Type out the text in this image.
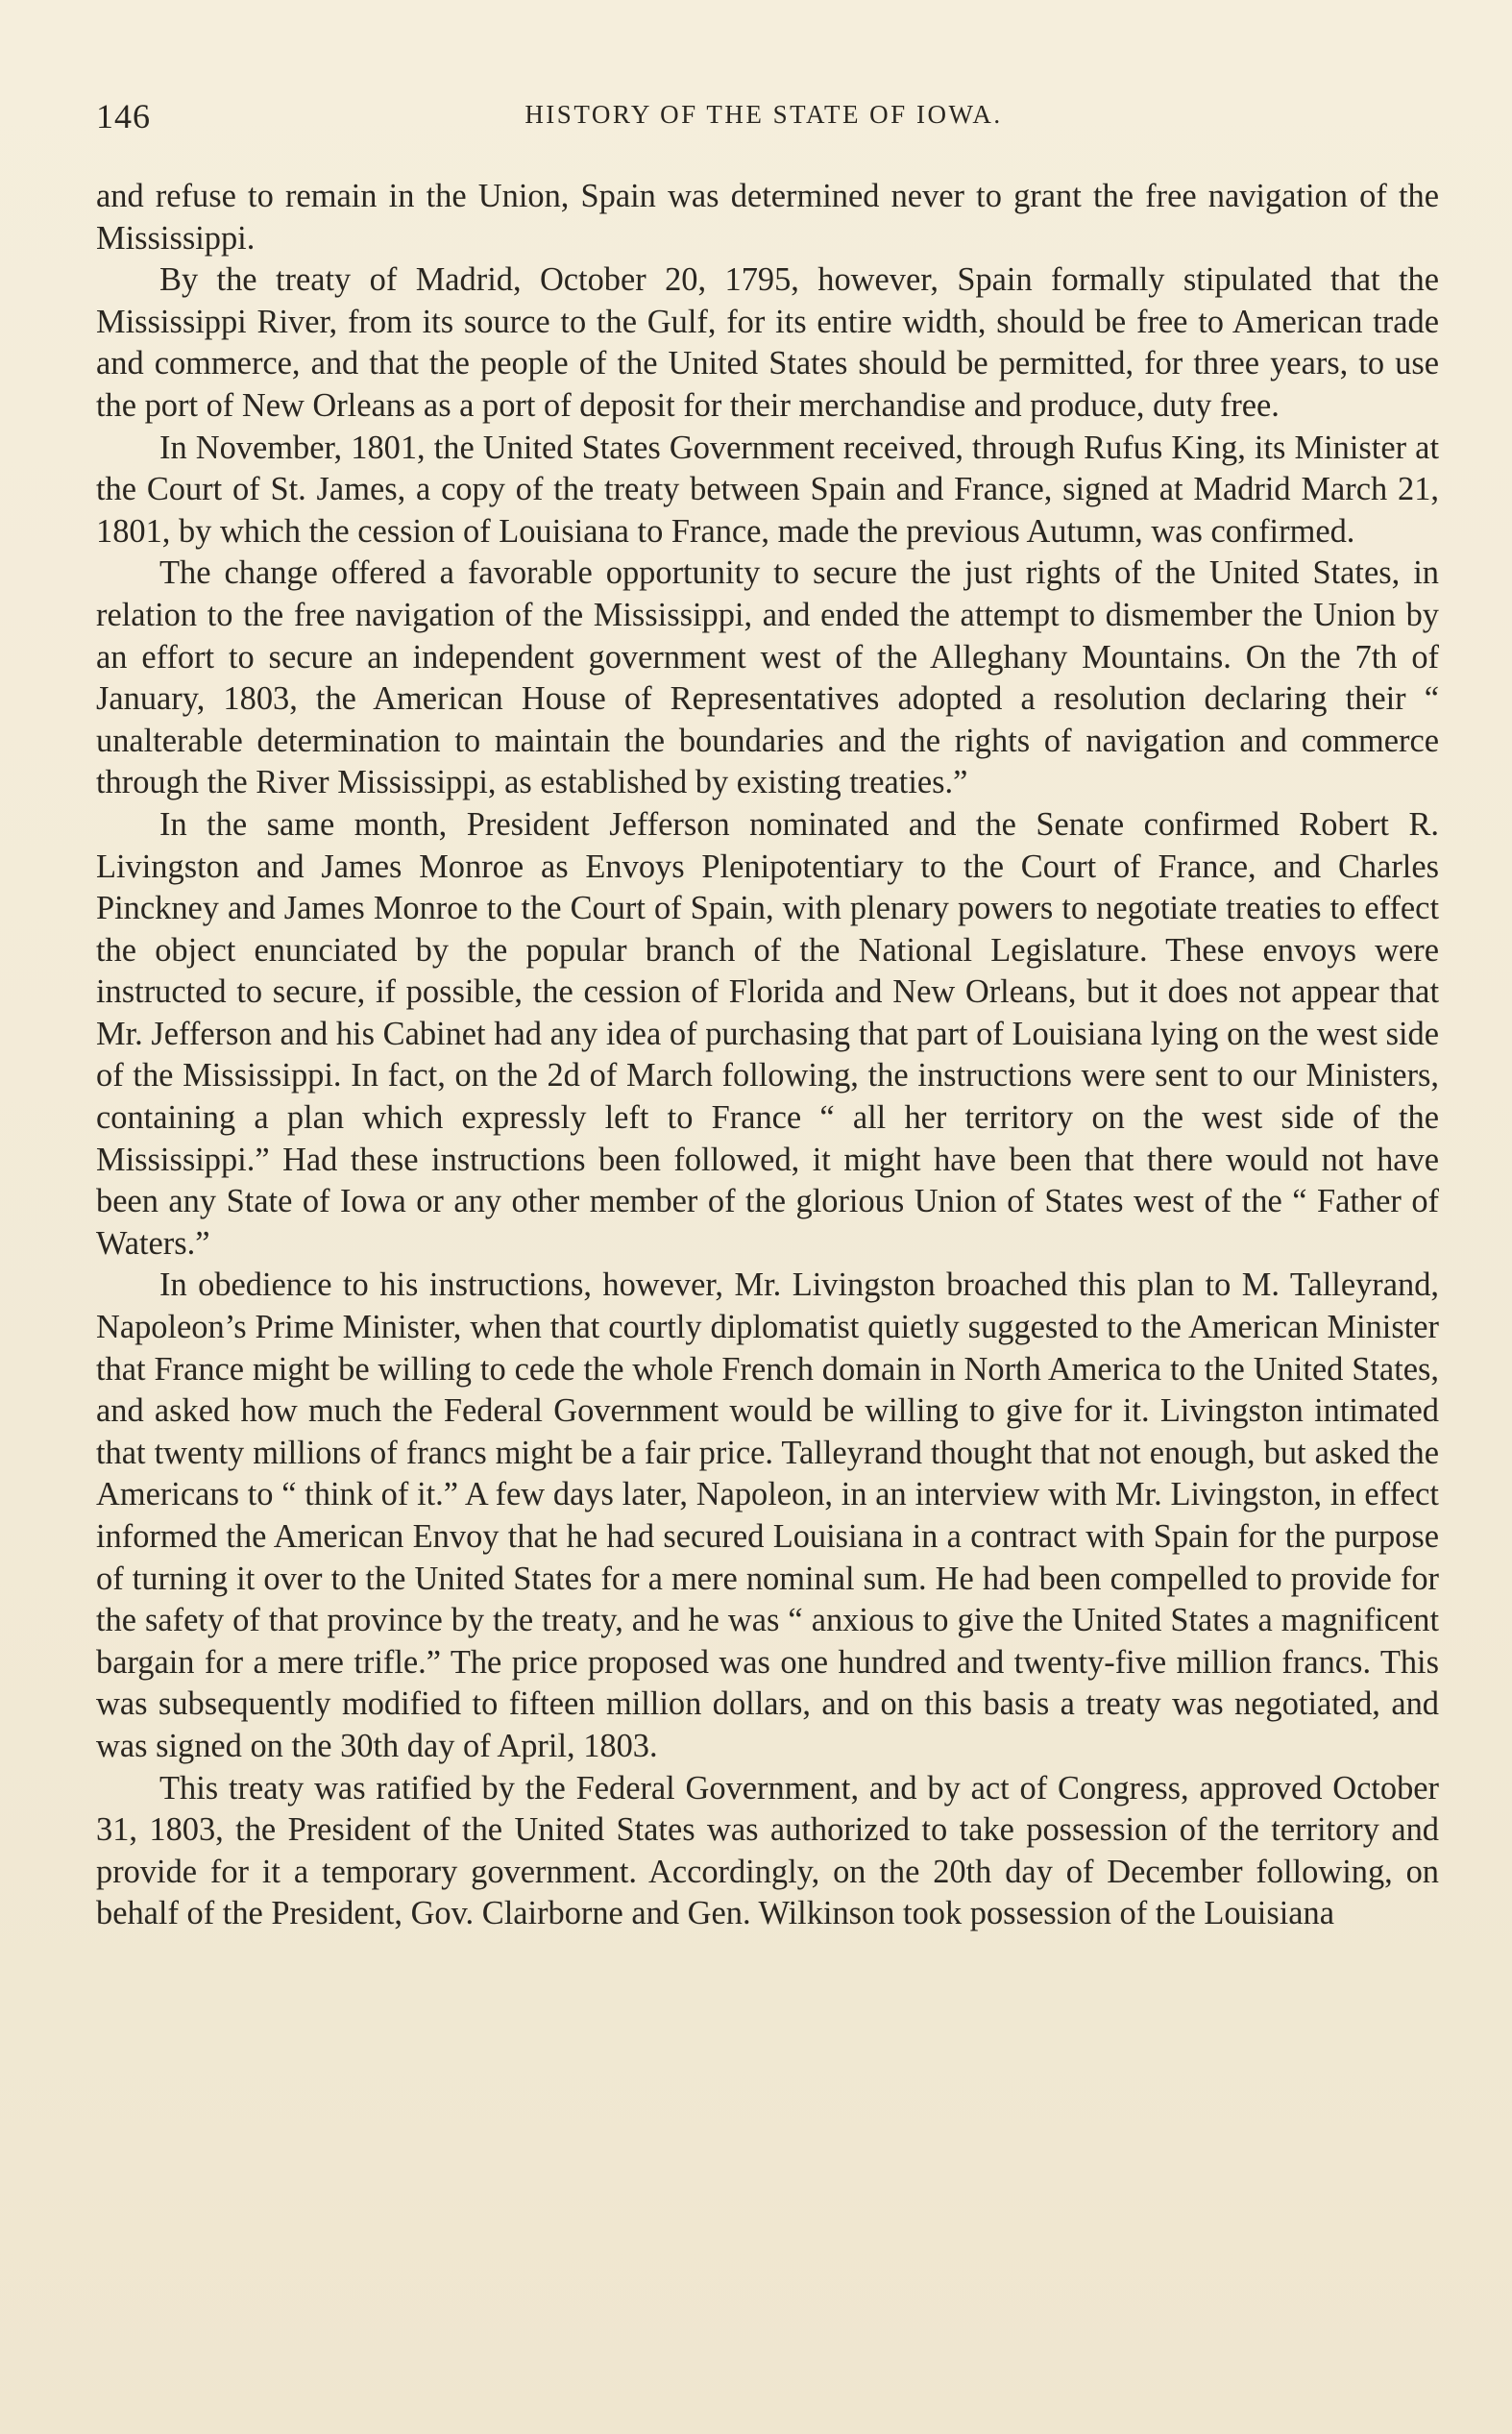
146	HISTORY OF THE STATE OF IOWA.

and refuse to remain in the Union, Spain was determined never to grant the free navigation of the Mississippi.

By the treaty of Madrid, October 20, 1795, however, Spain formally stipulated that the Mississippi River, from its source to the Gulf, for its entire width, should be free to American trade and commerce, and that the people of the United States should be permitted, for three years, to use the port of New Orleans as a port of deposit for their merchandise and produce, duty free.

In November, 1801, the United States Government received, through Rufus King, its Minister at the Court of St. James, a copy of the treaty between Spain and France, signed at Madrid March 21, 1801, by which the cession of Louisiana to France, made the previous Autumn, was confirmed.

The change offered a favorable opportunity to secure the just rights of the United States, in relation to the free navigation of the Mississippi, and ended the attempt to dismember the Union by an effort to secure an independent government west of the Alleghany Mountains. On the 7th of January, 1803, the American House of Representatives adopted a resolution declaring their “ unalterable determination to maintain the boundaries and the rights of navigation and commerce through the River Mississippi, as established by existing treaties.”

In the same month, President Jefferson nominated and the Senate confirmed Robert R. Livingston and James Monroe as Envoys Plenipotentiary to the Court of France, and Charles Pinckney and James Monroe to the Court of Spain, with plenary powers to negotiate treaties to effect the object enunciated by the popular branch of the National Legislature. These envoys were instructed to secure, if possible, the cession of Florida and New Orleans, but it does not appear that Mr. Jefferson and his Cabinet had any idea of purchasing that part of Louisiana lying on the west side of the Mississippi. In fact, on the 2d of March following, the instructions were sent to our Ministers, containing a plan which expressly left to France “ all her territory on the west side of the Mississippi.” Had these instructions been followed, it might have been that there would not have been any State of Iowa or any other member of the glorious Union of States west of the “ Father of Waters.”

In obedience to his instructions, however, Mr. Livingston broached this plan to M. Talleyrand, Napoleon’s Prime Minister, when that courtly diplomatist quietly suggested to the American Minister that France might be willing to cede the whole French domain in North America to the United States, and asked how much the Federal Government would be willing to give for it. Livingston intimated that twenty millions of francs might be a fair price. Talleyrand thought that not enough, but asked the Americans to “ think of it.” A few days later, Napoleon, in an interview with Mr. Livingston, in effect informed the American Envoy that he had secured Louisiana in a contract with Spain for the purpose of turning it over to the United States for a mere nominal sum. He had been compelled to provide for the safety of that province by the treaty, and he was “ anxious to give the United States a magnificent bargain for a mere trifle.” The price proposed was one hundred and twenty-five million francs. This was subsequently modified to fifteen million dollars, and on this basis a treaty was negotiated, and was signed on the 30th day of April, 1803.

This treaty was ratified by the Federal Government, and by act of Congress, approved October 31, 1803, the President of the United States was authorized to take possession of the territory and provide for it a temporary government. Accordingly, on the 20th day of December following, on behalf of the President, Gov. Clairborne and Gen. Wilkinson took possession of the Louisiana
